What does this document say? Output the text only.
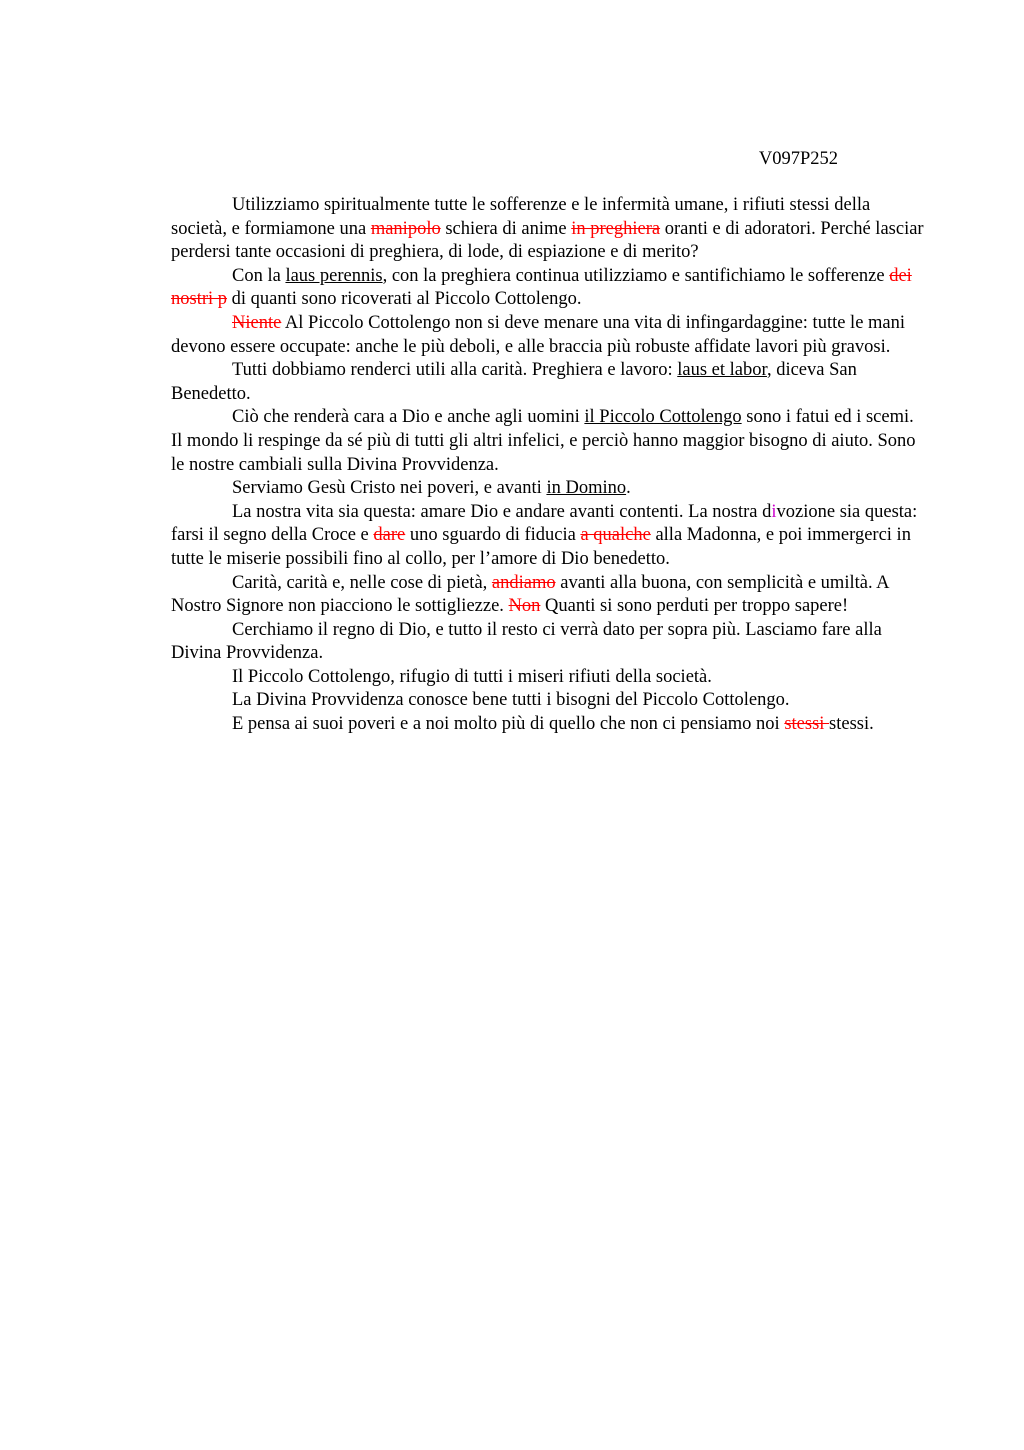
V097P252

Utilizziamo spiritualmente tutte le sofferenze e le infermità umane, i rifiuti stessi della società, e formiamone una manipolo schiera di anime in preghiera oranti e di adoratori. Perché lasciar perdersi tante occasioni di preghiera, di lode, di espiazione e di merito?

Con la laus perennis, con la preghiera continua utilizziamo e santifichiamo le sofferenze dei nostri p di quanti sono ricoverati al Piccolo Cottolengo.

Niente Al Piccolo Cottolengo non si deve menare una vita di infingardaggine: tutte le mani devono essere occupate: anche le più deboli, e alle braccia più robuste affidate lavori più gravosi.

Tutti dobbiamo renderci utili alla carità. Preghiera e lavoro: laus et labor, diceva San Benedetto.

Ciò che renderà cara a Dio e anche agli uomini il Piccolo Cottolengo sono i fatui ed i scemi. Il mondo li respinge da sé più di tutti gli altri infelici, e perciò hanno maggior bisogno di aiuto. Sono le nostre cambiali sulla Divina Provvidenza.

Serviamo Gesù Cristo nei poveri, e avanti in Domino.

La nostra vita sia questa: amare Dio e andare avanti contenti. La nostra divozione sia questa: farsi il segno della Croce e dare uno sguardo di fiducia a qualche alla Madonna, e poi immergerci in tutte le miserie possibili fino al collo, per l’amore di Dio benedetto.

Carità, carità e, nelle cose di pietà, andiamo avanti alla buona, con semplicità e umiltà. A Nostro Signore non piacciono le sottigliezze. Non Quanti si sono perduti per troppo sapere!

Cerchiamo il regno di Dio, e tutto il resto ci verrà dato per sopra più. Lasciamo fare alla Divina Provvidenza.

Il Piccolo Cottolengo, rifugio di tutti i miseri rifiuti della società.

La Divina Provvidenza conosce bene tutti i bisogni del Piccolo Cottolengo.

E pensa ai suoi poveri e a noi molto più di quello che non ci pensiamo noi stessi stessi.
